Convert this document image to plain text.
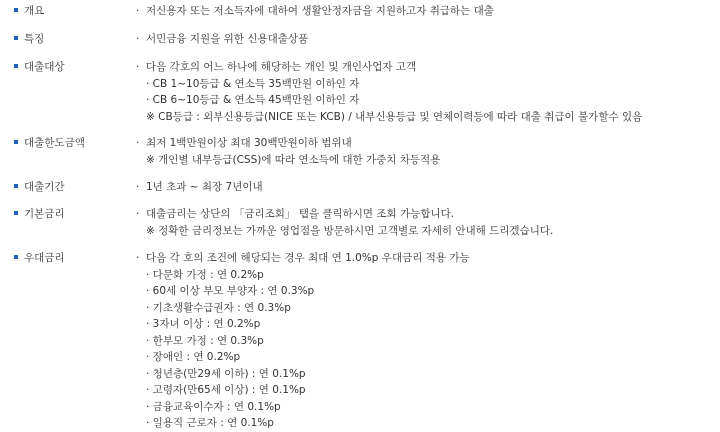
개요	· 저신용자 또는 저소득자에 대하여 생활안정자금을 지원하고자 취급하는 대출
특징	· 서민금융 지원을 위한 신용대출상품
대출대상	· 다음 각호의 어느 하나에 해당하는 개인 및 개인사업자 고객
· CB 1~10등급 & 연소득 35백만원 이하인 자
· CB 6~10등급 & 연소득 45백만원 이하인 자
※ CB등급 : 외부신용등급(NICE 또는 KCB) / 내부신용등급 및 연체이력등에 따라 대출 취급이 불가할수 있음
대출한도금액	· 최저 1백만원이상 최대 30백만원이하 범위내
※ 개인별 내부등급(CSS)에 따라 연소득에 대한 가중치 차등적용
대출기간	· 1년 초과 ~ 최장 7년이내
기본금리	· 대출금리는 상단의 「금리조회」 탭을 클릭하시면 조회 가능합니다.
※ 정확한 금리정보는 가까운 영업점을 방문하시면 고객별로 자세히 안내해 드리겠습니다.
우대금리	· 다음 각 호의 조건에 해당되는 경우 최대 연 1.0%p 우대금리 적용 가능
· 다문화 가정 : 연 0.2%p
· 60세 이상 부모 부양자 : 연 0.3%p
· 기초생활수급권자 : 연 0.3%p
· 3자녀 이상 : 연 0.2%p
· 한부모 가정 : 연 0.3%p
· 장애인 : 연 0.2%p
· 청년층(만29세 이하) : 연 0.1%p
· 고령자(만65세 이상) : 연 0.1%p
· 금융교육이수자 : 연 0.1%p
· 일용직 근로자 : 연 0.1%p
